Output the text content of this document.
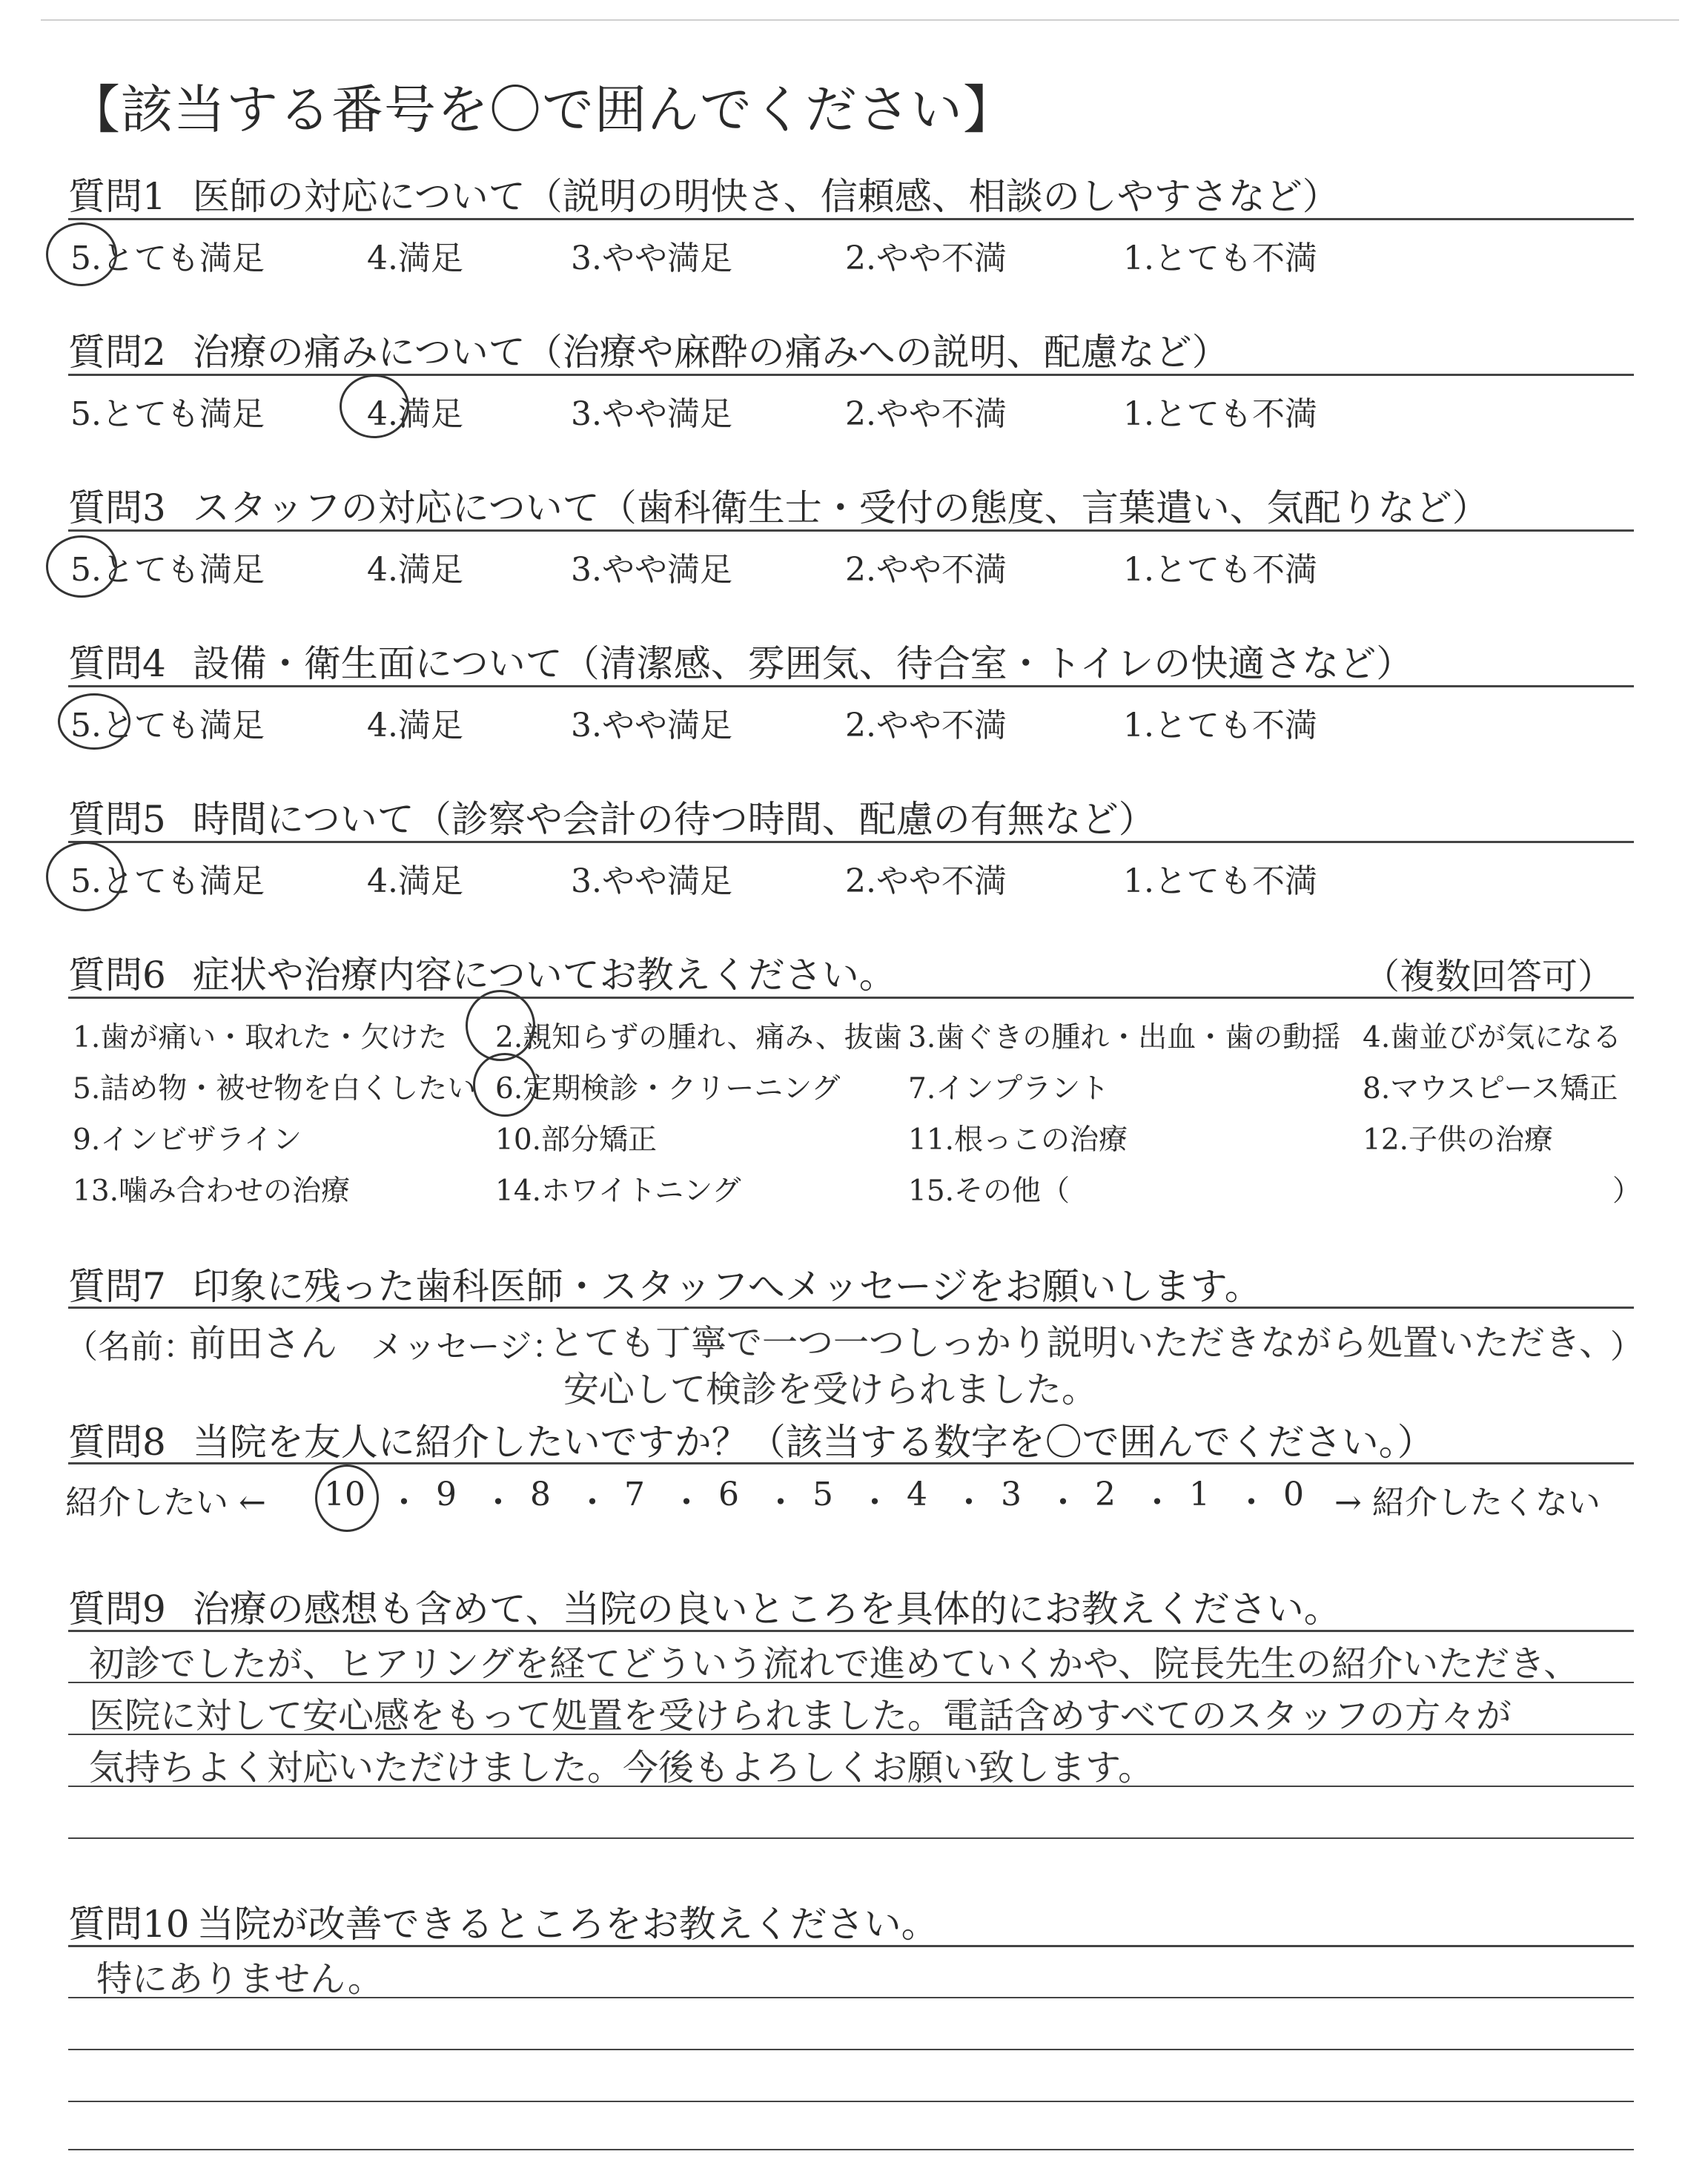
【該当する番号を〇で囲んでください】
質問1 医師の対応について（説明の明快さ、信頼感、相談のしやすさなど）
5.とても満足	4.満足	3.やや満足	2.やや不満	1.とても不満
質問2 治療の痛みについて（治療や麻酔の痛みへの説明、配慮など）
5.とても満足	4.満足	3.やや満足	2.やや不満	1.とても不満
質問3 スタッフの対応について（歯科衛生士・受付の態度、言葉遣い、気配りなど）
5.とても満足	4.満足	3.やや満足	2.やや不満	1.とても不満
質問4 設備・衛生面について（清潔感、雰囲気、待合室・トイレの快適さなど）
5.とても満足	4.満足	3.やや満足	2.やや不満	1.とても不満
質問5 時間について（診察や会計の待つ時間、配慮の有無など）
5.とても満足	4.満足	3.やや満足	2.やや不満	1.とても不満
質問6 症状や治療内容についてお教えください。	（複数回答可）
1.歯が痛い・取れた・欠けた 2.親知らずの腫れ、痛み、抜歯 3.歯ぐきの腫れ・出血・歯の動揺 4.歯並びが気になる
5.詰め物・被せ物を白くしたい 6.定期検診・クリーニング 7.インプラント	8.マウスピース矯正
9.インビザライン	10.部分矯正	11.根っこの治療	12.子供の治療
13.噛み合わせの治療	14.ホワイトニング	15.その他（	）
質問7 印象に残った歯科医師・スタッフへメッセージをお願いします。
（名前：
前田さん メッセージ：
とても丁寧で一つ一つしっかり説明いただきながら処置いただき、
）
安心して検診を受けられました。
質問8 当院を友人に紹介したいですか？（該当する数字を〇で囲んでください。）
紹介したい ← 10 ・ 9 ・ 8 ・ 7 ・ 6 ・ 5 ・ 4 ・ 3 ・ 2 ・ 1 ・ 0 → 紹介したくない
質問9 治療の感想も含めて、当院の良いところを具体的にお教えください。
初診でしたが、ヒアリングを経てどういう流れで進めていくかや、院長先生の紹介いただき、
医院に対して安心感をもって処置を受けられました。電話含めすべてのスタッフの方々が
気持ちよく対応いただけました。今後もよろしくお願い致します。
質問10 当院が改善できるところをお教えください。
特にありません。
